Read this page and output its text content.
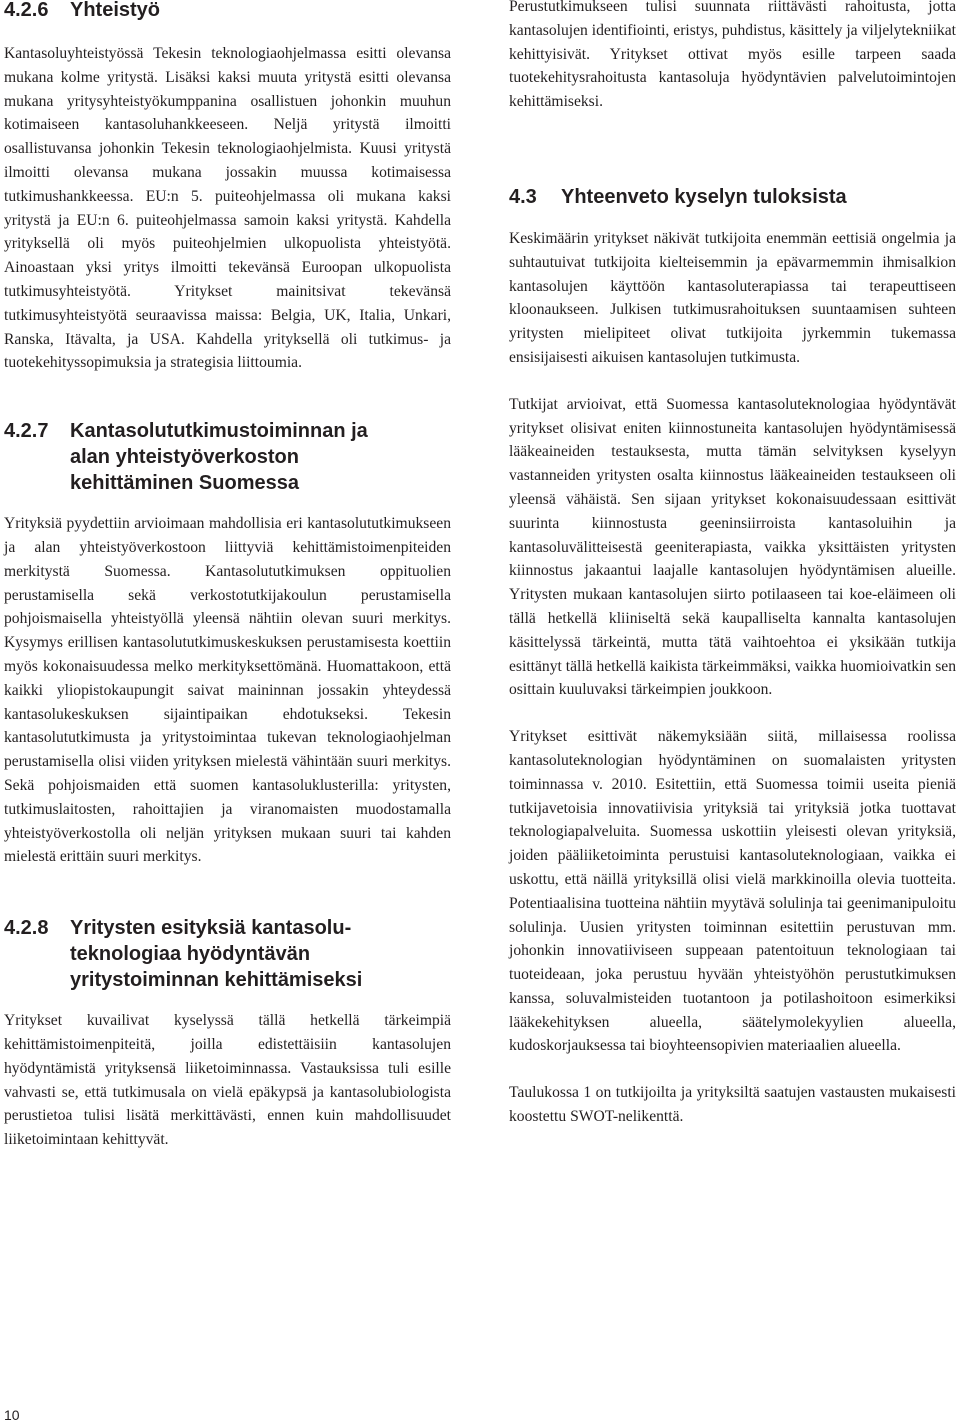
4.2.6	Yhteistyö

Kantasoluyhteistyössä Tekesin teknologiaohjelmassa esitti olevansa mukana kolme yritystä. Lisäksi kaksi muuta yritystä esitti olevansa mukana yritysyhteistyökumppanina osallistuen johonkin muuhun kotimaiseen kantasoluhankkeeseen. Neljä yritystä ilmoitti osallistuvansa johonkin Tekesin teknologiaohjelmista. Kuusi yritystä ilmoitti olevansa mukana jossakin muussa kotimaisessa tutkimushankkeessa. EU:n 5. puiteohjelmassa oli mukana kaksi yritystä ja EU:n 6. puiteohjelmassa samoin kaksi yritystä. Kahdella yrityksellä oli myös puiteohjelmien ulkopuolista yhteistyötä. Ainoastaan yksi yritys ilmoitti tekevänsä Euroopan ulkopuolista tutkimusyhteistyötä. Yritykset mainitsivat tekevänsä tutkimusyhteistyötä seuraavissa maissa: Belgia, UK, Italia, Unkari, Ranska, Itävalta, ja USA. Kahdella yrityksellä oli tutkimus- ja tuotekehityssopimuksia ja strategisia liittoumia.

4.2.7	Kantasolututkimustoiminnan ja
alan yhteistyöverkoston
kehittäminen Suomessa

Yrityksiä pyydettiin arvioimaan mahdollisia eri kantasolututkimukseen ja alan yhteistyöverkostoon liittyviä kehittämistoimenpiteiden merkitystä Suomessa. Kantasolututkimuksen oppituolien perustamisella sekä verkostotutkijakoulun perustamisella pohjoismaisella yhteistyöllä yleensä nähtiin olevan suuri merkitys. Kysymys erillisen kantasolututkimuskeskuksen perustamisesta koettiin myös kokonaisuudessa melko merkityksettömänä. Huomattakoon, että kaikki yliopistokaupungit saivat maininnan jossakin yhteydessä kantasolukeskuksen sijaintipaikan ehdotukseksi. Tekesin kantasolututkimusta ja yritystoimintaa tukevan teknologiaohjelman perustamisella olisi viiden yrityksen mielestä vähintään suuri merkitys. Sekä pohjoismaiden että suomen kantasoluklusterilla: yritysten, tutkimuslaitosten, rahoittajien ja viranomaisten muodostamalla yhteistyöverkostolla oli neljän yrityksen mukaan suuri tai kahden mielestä erittäin suuri merkitys.

4.2.8	Yritysten esityksiä kantasolu-
teknologiaa hyödyntävän
yritystoiminnan kehittämiseksi

Yritykset kuvailivat kyselyssä tällä hetkellä tärkeimpiä kehittämistoimenpiteitä, joilla edistettäisiin kantasolujen hyödyntämistä yrityksensä liiketoiminnassa. Vastauksissa tuli esille vahvasti se, että tutkimusala on vielä epäkypsä ja kantasolubiologista perustietoa tulisi lisätä merkittävästi, ennen kuin mahdollisuudet liiketoimintaan kehittyvät.

Perustutkimukseen tulisi suunnata riittävästi rahoitusta, jotta kantasolujen identifiointi, eristys, puhdistus, käsittely ja viljelytekniikat kehittyisivät. Yritykset ottivat myös esille tarpeen saada tuotekehitysrahoitusta kantasoluja hyödyntävien palvelutoimintojen kehittämiseksi.

4.3	Yhteenveto kyselyn tuloksista

Keskimäärin yritykset näkivät tutkijoita enemmän eettisiä ongelmia ja suhtautuivat tutkijoita kielteisemmin ja epävarmemmin ihmisalkion kantasolujen käyttöön kantasoluterapiassa tai terapeuttiseen kloonaukseen. Julkisen tutkimusrahoituksen suuntaamisen suhteen yritysten mielipiteet olivat tutkijoita jyrkemmin tukemassa ensisijaisesti aikuisen kantasolujen tutkimusta.

Tutkijat arvioivat, että Suomessa kantasoluteknologiaa hyödyntävät yritykset olisivat eniten kiinnostuneita kantasolujen hyödyntämisessä lääkeaineiden testauksesta, mutta tämän selvityksen kyselyyn vastanneiden yritysten osalta kiinnostus lääkeaineiden testaukseen oli yleensä vähäistä. Sen sijaan yritykset kokonaisuudessaan esittivät suurinta kiinnostusta geeninsiirroista kantasoluihin ja kantasoluvälitteisestä geeniterapiasta, vaikka yksittäisten yritysten kiinnostus jakaantui laajalle kantasolujen hyödyntämisen alueille. Yritysten mukaan kantasolujen siirto potilaaseen tai koe-eläimeen oli tällä hetkellä kliiniseltä sekä kaupalliselta kannalta kantasolujen käsittelyssä tärkeintä, mutta tätä vaihtoehtoa ei yksikään tutkija esittänyt tällä hetkellä kaikista tärkeimmäksi, vaikka huomioivatkin sen osittain kuuluvaksi tärkeimpien joukkoon.

Yritykset esittivät näkemyksiään siitä, millaisessa roolissa kantasoluteknologian hyödyntäminen on suomalaisten yritysten toiminnassa v. 2010. Esitettiin, että Suomessa toimii useita pieniä tutkijavetoisia innovatiivisia yrityksiä tai yrityksiä jotka tuottavat teknologiapalveluita. Suomessa uskottiin yleisesti olevan yrityksiä, joiden pääliiketoiminta perustuisi kantasoluteknologiaan, vaikka ei uskottu, että näillä yrityksillä olisi vielä markkinoilla olevia tuotteita. Potentiaalisina tuotteina nähtiin myytävä solulinja tai geenimanipuloitu solulinja. Uusien yritysten toiminnan esitettiin perustuvan mm. johonkin innovatiiviseen suppeaan patentoituun teknologiaan tai tuoteideaan, joka perustuu hyvään yhteistyöhön perustutkimuksen kanssa, soluvalmisteiden tuotantoon ja potilashoitoon esimerkiksi lääkekehityksen alueella, säätelymolekyylien alueella, kudoskorjauksessa tai bioyhteensopivien materiaalien alueella.

Taulukossa 1 on tutkijoilta ja yrityksiltä saatujen vastausten mukaisesti koostettu SWOT-nelikenttä.

10
